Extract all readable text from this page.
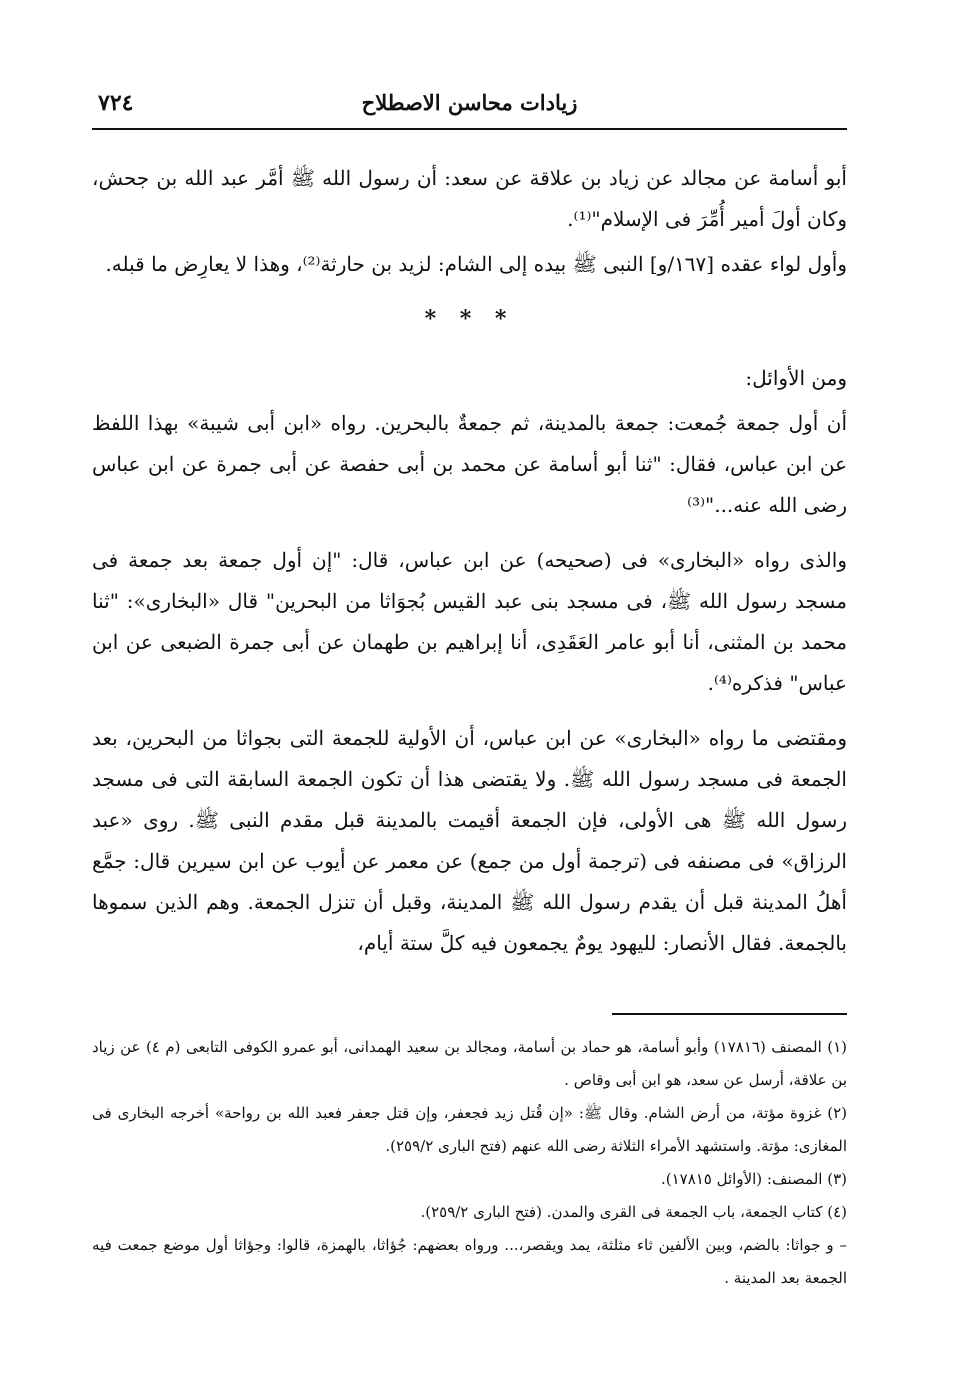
زيادات محاسن الاصطلاح
٧٢٤

أبو أسامة عن مجالد عن زياد بن علاقة عن سعد: أن رسول الله ﷺ أمَّر عبد الله بن جحش، وكان أولَ أمير أُمِّرَ فى الإسلام"⁽¹⁾.

وأول لواء عقده [١٦٧/و] النبى ﷺ بيده إلى الشام: لزيد بن حارثة⁽²⁾، وهذا لا يعارِض ما قبله.

* * *

ومن الأوائل:

أن أول جمعة جُمعت: جمعة بالمدينة، ثم جمعةٌ بالبحرين. رواه «ابن أبى شيبة» بهذا اللفظ عن ابن عباس، فقال: "ثنا أبو أسامة عن محمد بن أبى حفصة عن أبى جمرة عن ابن عباس رضى الله عنه..."⁽³⁾

والذى رواه «البخارى» فى (صحيحه) عن ابن عباس، قال: "إن أول جمعة بعد جمعة فى مسجد رسول الله ﷺ، فى مسجد بنى عبد القيس بُجوَاثا من البحرين" قال «البخارى»: "ثنا محمد بن المثنى، أنا أبو عامر العَقَدِى، أنا إبراهيم بن طهمان عن أبى جمرة الضبعى عن ابن عباس" فذكره⁽⁴⁾.

ومقتضى ما رواه «البخارى» عن ابن عباس، أن الأولية للجمعة التى بجواثا من البحرين، بعد الجمعة فى مسجد رسول الله ﷺ. ولا يقتضى هذا أن تكون الجمعة السابقة التى فى مسجد رسول الله ﷺ هى الأولى، فإن الجمعة أقيمت بالمدينة قبل مقدم النبى ﷺ. روى «عبد الرزاق» فى مصنفه فى (ترجمة أول من جمع) عن معمر عن أيوب عن ابن سيرين قال: جمَّع أهلُ المدينة قبل أن يقدم رسول الله ﷺ المدينة، وقبل أن تنزل الجمعة. وهم الذين سموها بالجمعة. فقال الأنصار: لليهود يومٌ يجمعون فيه كلَّ ستة أيام،

(١) المصنف (١٧٨١٦) وأبو أسامة، هو حماد بن أسامة، ومجالد بن سعيد الهمدانى، أبو عمرو الكوفى التابعى (م ٤) عن زياد بن علاقة، أرسل عن سعد، هو ابن أبى وقاص .

(٢) غزوة مؤتة، من أرض الشام. وقال ﷺ: «إن قُتل زيد فجعفر، وإن قتل جعفر فعبد الله بن رواحة» أخرجه البخارى فى المغازى: مؤتة. واستشهد الأمراء الثلاثة رضى الله عنهم (فتح البارى ٢٥٩/٢).

(٣) المصنف: (الأوائل ١٧٨١٥).

(٤) كتاب الجمعة، باب الجمعة فى القرى والمدن. (فتح البارى ٢٥٩/٢).

– و جواثا: بالضم، وبين الألفين ثاء مثلثة، يمد ويقصر،... ورواه بعضهم: جُؤاثا، بالهمزة، قالوا: وجؤاثا أول موضع جمعت فيه الجمعة بعد المدينة .
